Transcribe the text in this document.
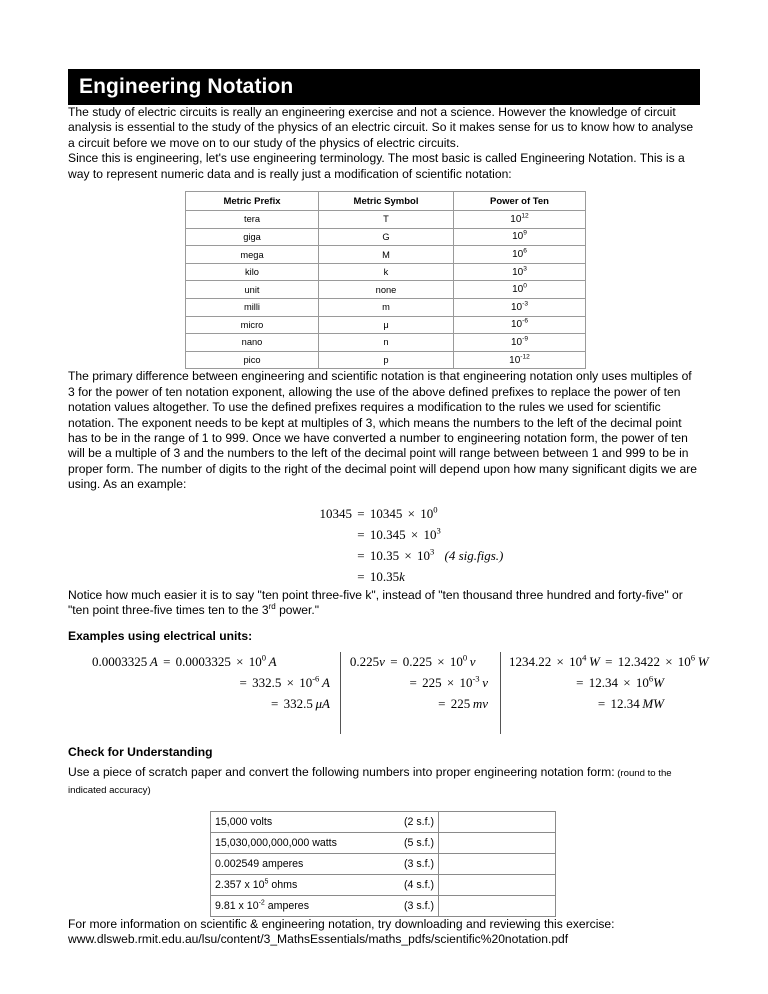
Engineering Notation

The study of electric circuits is really an engineering exercise and not a science. However the knowledge of circuit analysis is essential to the study of the physics of an electric circuit. So it makes sense for us to know how to analyse a circuit before we move on to our study of the physics of electric circuits.

Since this is engineering, let's use engineering terminology. The most basic is called Engineering Notation. This is a way to represent numeric data and is really just a modification of scientific notation:

Metric Prefix	Metric Symbol	Power of Ten
tera	T	$10^{12}$
giga	G	$10^9$
mega	M	$10^6$
kilo	k	$10^3$
unit	none	$10^0$
milli	m	$10^{-3}$
micro	μ	$10^{-6}$
nano	n	$10^{-9}$
pico	p	$10^{-12}$

The primary difference between engineering and scientific notation is that engineering notation only uses multiples of 3 for the power of ten notation exponent, allowing the use of the above defined prefixes to replace the power of ten notation values altogether. To use the defined prefixes requires a modification to the rules we used for scientific notation. The exponent needs to be kept at multiples of 3, which means the numbers to the left of the decimal point has to be in the range of 1 to 999. Once we have converted a number to engineering notation form, the power of ten will be a multiple of 3 and the numbers to the left of the decimal point will range between between 1 and 999 to be in proper form. The number of digits to the right of the decimal point will depend upon how many significant digits we are using. As an example:

$10345 = 10345 \times 10^0$
= $10.345 \times 10^3$
= $10.35 \times 10^3$ (4 sig.figs.)
= 10.35k

Notice how much easier it is to say "ten point three-five k", instead of "ten thousand three hundred and forty-five" or "ten point three-five times ten to the 3rd power."

Examples using electrical units:
0.0003325  $A = 0.0003325 \times 10^0$  A
= $332.5 \times 10^{-6}$  A
= 332.5  μA
$0.225v = 0.225 \times 10^0$  v
= $225 \times 10^{-3}$  v
= 225  mv
$1234.22 \times 10^4$  $W = 12.3422 \times 10^6$  W
= $12.34 \times 10^6W$
= 12.34  MW
Check for Understanding

Use a piece of scratch paper and convert the following numbers into proper engineering notation form: (round to the indicated accuracy)

15,000 volts (2 s.f.)	

15,030,000,000,000 watts (5 s.f.)	

0.002549 amperes (3 s.f.)	

2.357 x $10^5$ ohms (4 s.f.)	

9.81 x $10^{-2}$ amperes (3 s.f.)	

For more information on scientific & engineering notation, try downloading and reviewing this exercise:

www.dlsweb.rmit.edu.au/lsu/content/3_MathsEssentials/maths_pdfs/scientific%20notation.pdf
